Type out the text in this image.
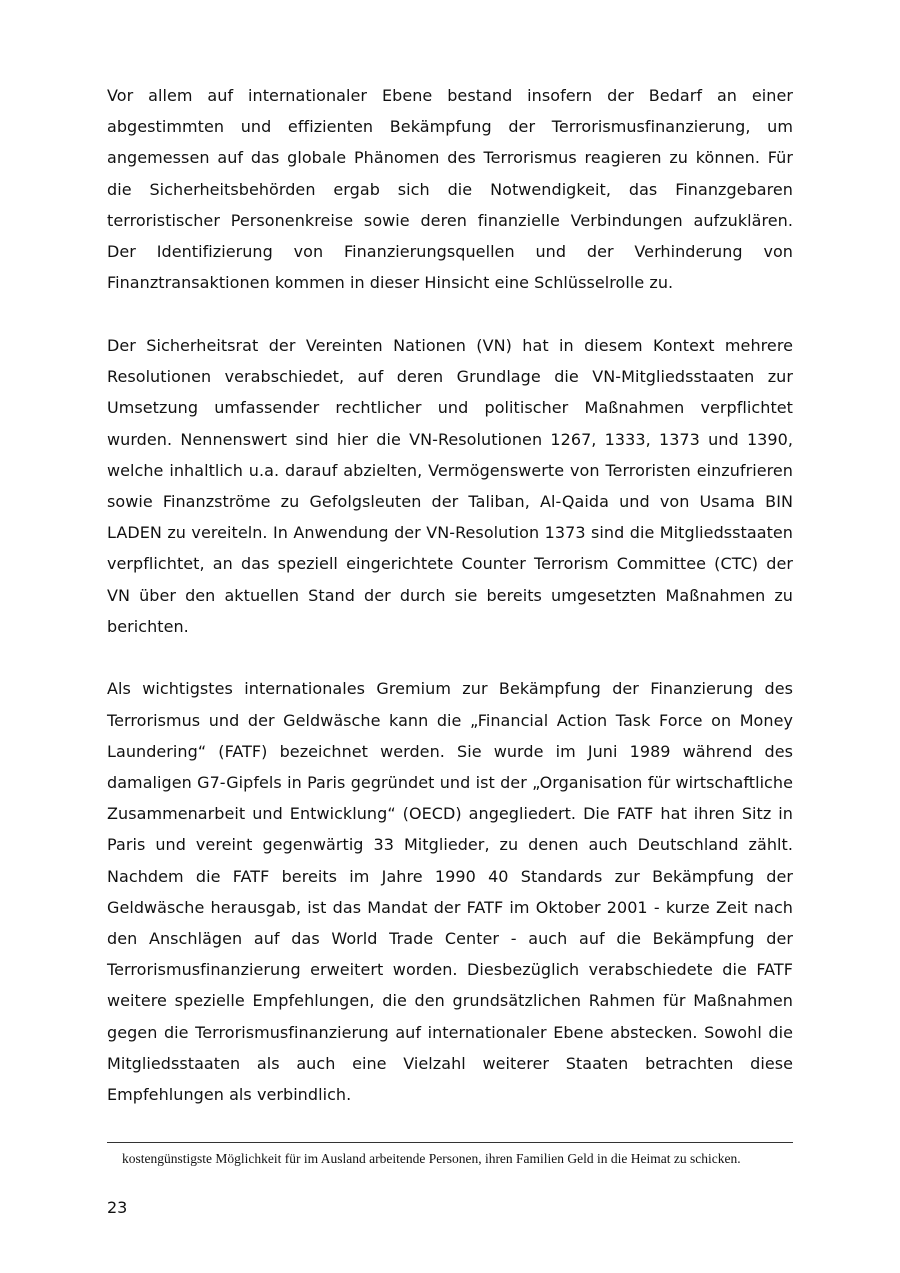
Vor allem auf internationaler Ebene bestand insofern der Bedarf an einer abgestimmten und effizienten Bekämpfung der Terrorismusfinanzierung, um angemessen auf das globale Phänomen des Terrorismus reagieren zu können. Für die Sicherheitsbehörden ergab sich die Notwendigkeit, das Finanzgebaren terroristischer Personenkreise sowie deren finanzielle Verbindungen aufzuklären. Der Identifizierung von Finanzierungsquellen und der Verhinderung von Finanztransaktionen kommen in dieser Hinsicht eine Schlüsselrolle zu.

Der Sicherheitsrat der Vereinten Nationen (VN) hat in diesem Kontext mehrere Resolutionen verabschiedet, auf deren Grundlage die VN-Mitgliedsstaaten zur Umsetzung umfassender rechtlicher und politischer Maßnahmen verpflichtet wurden. Nennenswert sind hier die VN-Resolutionen 1267, 1333, 1373 und 1390, welche inhaltlich u.a. darauf abzielten, Vermögenswerte von Terroristen einzufrieren sowie Finanzströme zu Gefolgsleuten der Taliban, Al-Qaida und von Usama BIN LADEN zu vereiteln. In Anwendung der VN-Resolution 1373 sind die Mitgliedsstaaten verpflichtet, an das speziell eingerichtete Counter Terrorism Committee (CTC) der VN über den aktuellen Stand der durch sie bereits umgesetzten Maßnahmen zu berichten.

Als wichtigstes internationales Gremium zur Bekämpfung der Finanzierung des Terrorismus und der Geldwäsche kann die „Financial Action Task Force on Money Laundering“ (FATF) bezeichnet werden. Sie wurde im Juni 1989 während des damaligen G7-Gipfels in Paris gegründet und ist der „Organisation für wirtschaftliche Zusammenarbeit und Entwicklung“ (OECD) angegliedert. Die FATF hat ihren Sitz in Paris und vereint gegenwärtig 33 Mitglieder, zu denen auch Deutschland zählt. Nachdem die FATF bereits im Jahre 1990 40 Standards zur Bekämpfung der Geldwäsche herausgab, ist das Mandat der FATF im Oktober 2001 - kurze Zeit nach den Anschlägen auf das World Trade Center - auch auf die Bekämpfung der Terrorismusfinanzierung erweitert worden. Diesbezüglich verabschiedete die FATF weitere spezielle Empfehlungen, die den grundsätzlichen Rahmen für Maßnahmen gegen die Terrorismusfinanzierung auf internationaler Ebene abstecken. Sowohl die Mitgliedsstaaten als auch eine Vielzahl weiterer Staaten betrachten diese Empfehlungen als verbindlich.

kostengünstigste Möglichkeit für im Ausland arbeitende Personen, ihren Familien Geld in die Heimat zu schicken.

23
